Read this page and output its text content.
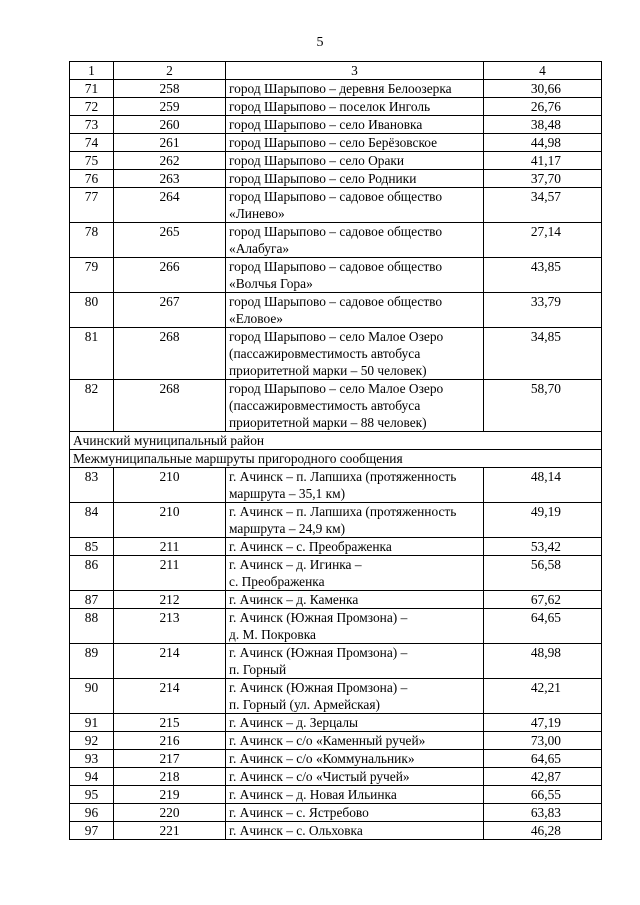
5
1	2	3	4
71	258	город Шарыпово – деревня Белоозерка	30,66
72	259	город Шарыпово – поселок Инголь	26,76
73	260	город Шарыпово – село Ивановка	38,48
74	261	город Шарыпово – село Берёзовское	44,98
75	262	город Шарыпово – село Ораки	41,17
76	263	город Шарыпово – село Родники	37,70
77	264	город Шарыпово – садовое общество
«Линево»	34,57
78	265	город Шарыпово – садовое общество
«Алабуга»	27,14
79	266	город Шарыпово – садовое общество
«Волчья Гора»	43,85
80	267	город Шарыпово – садовое общество
«Еловое»	33,79
81	268	город Шарыпово – село Малое Озеро
(пассажировместимость автобуса
приоритетной марки – 50 человек)	34,85
82	268	город Шарыпово – село Малое Озеро
(пассажировместимость автобуса
приоритетной марки – 88 человек)	58,70
Ачинский муниципальный район			
Межмуниципальные маршруты пригородного сообщения			
83	210	г. Ачинск – п. Лапшиха (протяженность
маршрута – 35,1 км)	48,14
84	210	г. Ачинск – п. Лапшиха (протяженность
маршрута – 24,9 км)	49,19
85	211	г. Ачинск – с. Преображенка	53,42
86	211	г. Ачинск – д. Игинка –
с. Преображенка	56,58
87	212	г. Ачинск – д. Каменка	67,62
88	213	г. Ачинск (Южная Промзона) –
д. М. Покровка	64,65
89	214	г. Ачинск (Южная Промзона) –
п. Горный	48,98
90	214	г. Ачинск (Южная Промзона) –
п. Горный (ул. Армейская)	42,21
91	215	г. Ачинск – д. Зерцалы	47,19
92	216	г. Ачинск – с/о «Каменный ручей»	73,00
93	217	г. Ачинск – с/о «Коммунальник»	64,65
94	218	г. Ачинск – с/о «Чистый ручей»	42,87
95	219	г. Ачинск – д. Новая Ильинка	66,55
96	220	г. Ачинск – с. Ястребово	63,83
97	221	г. Ачинск – с. Ольховка	46,28
